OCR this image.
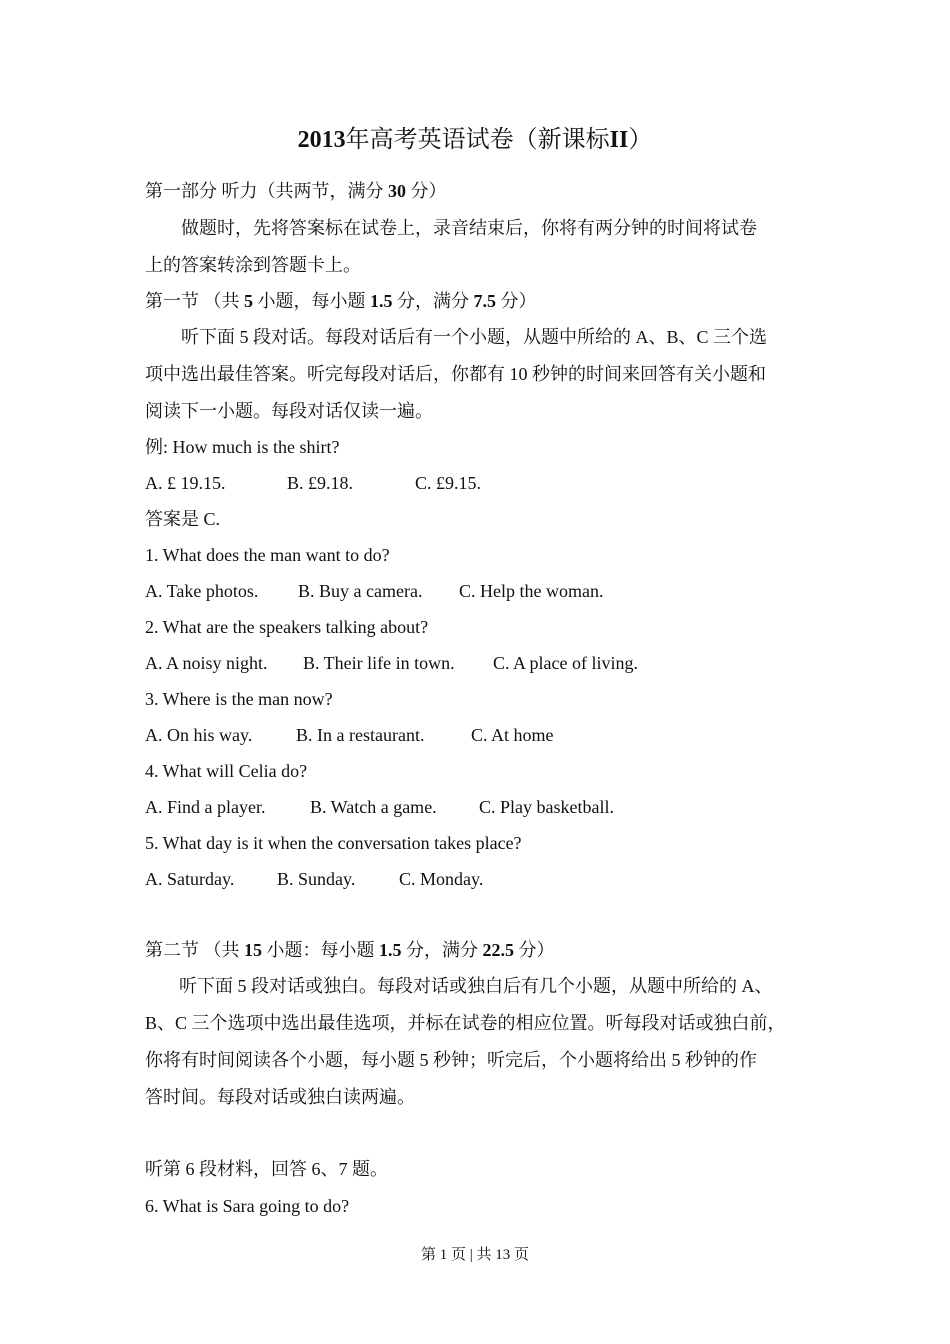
2013年高考英语试卷（新课标II）
第一部分 听力（共两节，满分 30 分）
做题时，先将答案标在试卷上，录音结束后，你将有两分钟的时间将试卷
上的答案转涂到答题卡上。
第一节 （共 5 小题，每小题 1.5 分，满分 7.5 分）
听下面 5 段对话。每段对话后有一个小题，从题中所给的 A、B、C 三个选
项中选出最佳答案。听完每段对话后，你都有 10 秒钟的时间来回答有关小题和
阅读下一小题。每段对话仅读一遍。
例: How much is the shirt?
A. £ 19.15.	B. £9.18.	C. £9.15.
答案是 C.
1. What does the man want to do?
A. Take photos. B. Buy a camera. C. Help the woman.
2. What are the speakers talking about?
A. A noisy night. B. Their life in town. C. A place of living.
3. Where is the man now?
A. On his way. B. In a restaurant.	C. At home
4. What will Celia do?
A. Find a player. B. Watch a game. C. Play basketball.
5. What day is it when the conversation takes place?
A. Saturday. B. Sunday. C. Monday.
第二节 （共 15 小题：每小题 1.5 分，满分 22.5 分）
听下面 5 段对话或独白。每段对话或独白后有几个小题，从题中所给的 A、
B、C 三个选项中选出最佳选项，并标在试卷的相应位置。听每段对话或独白前，
你将有时间阅读各个小题，每小题 5 秒钟；听完后，个小题将给出 5 秒钟的作
答时间。每段对话或独白读两遍。
听第 6 段材料，回答 6、7 题。
6. What is Sara going to do?
第 1 页 | 共 13 页
